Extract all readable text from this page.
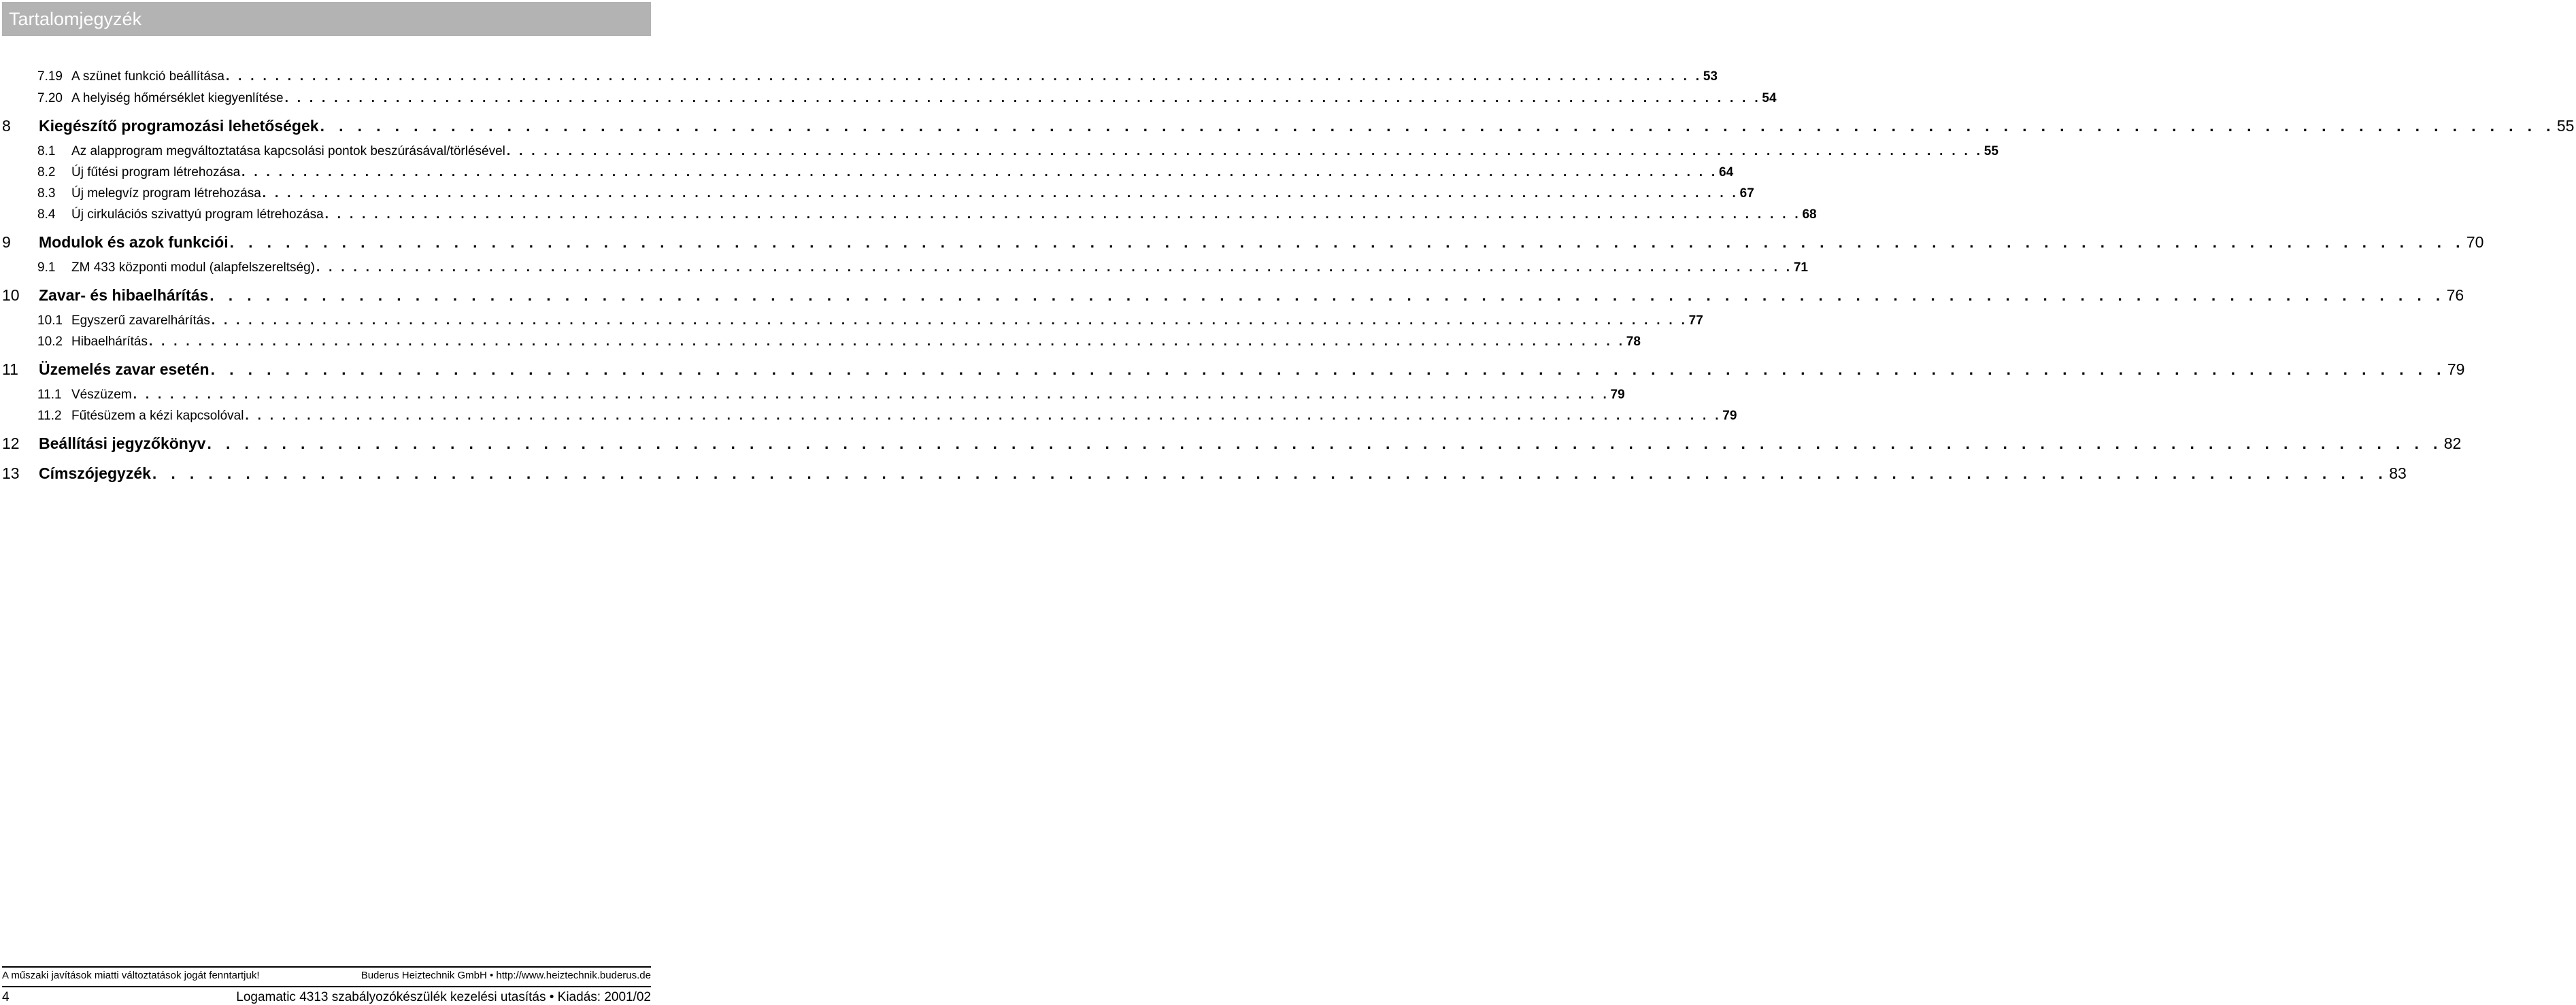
Tartalomjegyzék
7.19 A szünet funkció beállítása . . . . . . . . . . . . . . . . . . . . . . . . . . . . . . . . . . . . . . . . . . . . . . . . . . . . . . . . . . . . . . . . . . . . . . . . . . . . . . . . . . . . . . . . . . . . . . . . . . . . . . . . . . . . . . . . . . . . . . . . 53
7.20 A helyiség hőmérséklet kiegyenlítése . . . . . . . . . . . . . . . . . . . . . . . . . . . . . . . . . . . . . . . . . . . . . . . . . . . . . . . . . . . . . . . . . . . . . . . . . . . . . . . . . . . . . . . . . . . . . . . . . . . . . . . . . . . . . . . . . . . . . . . . 54
8	Kiegészítő programozási lehetőségek . . . . . . . . . . . . . . . . . . . . . . . . . . . . . . . . . . . . . . . . . . . . . . . . . . . . . . . . . . . . . . . . . . . . . . . . . . . . . . . . . . . . . . . . . . . . . . . . . . . . . . . . . . . . . . . . . . . . . . . . 55
8.1	Az alapprogram megváltoztatása kapcsolási pontok beszúrásával/törlésével . . . . . . . . . . . . . . . . . . . . . . . . . . . . . . . . . . . . . . . . . . . . . . . . . . . . . . . . . . . . . . . . . . . . . . . . . . . . . . . . . . . . . . . . . . . . . . . . . . . . . . . . . . . . . . . . . . . . . . . . 55
8.2	Új fűtési program létrehozása . . . . . . . . . . . . . . . . . . . . . . . . . . . . . . . . . . . . . . . . . . . . . . . . . . . . . . . . . . . . . . . . . . . . . . . . . . . . . . . . . . . . . . . . . . . . . . . . . . . . . . . . . . . . . . . . . . . . . . . . 64
8.3	Új melegvíz program létrehozása . . . . . . . . . . . . . . . . . . . . . . . . . . . . . . . . . . . . . . . . . . . . . . . . . . . . . . . . . . . . . . . . . . . . . . . . . . . . . . . . . . . . . . . . . . . . . . . . . . . . . . . . . . . . . . . . . . . . . . . . 67
8.4	Új cirkulációs szivattyú program létrehozása . . . . . . . . . . . . . . . . . . . . . . . . . . . . . . . . . . . . . . . . . . . . . . . . . . . . . . . . . . . . . . . . . . . . . . . . . . . . . . . . . . . . . . . . . . . . . . . . . . . . . . . . . . . . . . . . . . . . . . . . 68
9	Modulok és azok funkciói . . . . . . . . . . . . . . . . . . . . . . . . . . . . . . . . . . . . . . . . . . . . . . . . . . . . . . . . . . . . . . . . . . . . . . . . . . . . . . . . . . . . . . . . . . . . . . . . . . . . . . . . . . . . . . . . . . . . . . . . 70
9.1	ZM 433 központi modul (alapfelszereltség) . . . . . . . . . . . . . . . . . . . . . . . . . . . . . . . . . . . . . . . . . . . . . . . . . . . . . . . . . . . . . . . . . . . . . . . . . . . . . . . . . . . . . . . . . . . . . . . . . . . . . . . . . . . . . . . . . . . . . . . . 71
10	Zavar- és hibaelhárítás . . . . . . . . . . . . . . . . . . . . . . . . . . . . . . . . . . . . . . . . . . . . . . . . . . . . . . . . . . . . . . . . . . . . . . . . . . . . . . . . . . . . . . . . . . . . . . . . . . . . . . . . . . . . . . . . . . . . . . . . 76
10.1 Egyszerű zavarelhárítás . . . . . . . . . . . . . . . . . . . . . . . . . . . . . . . . . . . . . . . . . . . . . . . . . . . . . . . . . . . . . . . . . . . . . . . . . . . . . . . . . . . . . . . . . . . . . . . . . . . . . . . . . . . . . . . . . . . . . . . . 77
10.2 Hibaelhárítás . . . . . . . . . . . . . . . . . . . . . . . . . . . . . . . . . . . . . . . . . . . . . . . . . . . . . . . . . . . . . . . . . . . . . . . . . . . . . . . . . . . . . . . . . . . . . . . . . . . . . . . . . . . . . . . . . . . . . . . . 78
11	Üzemelés zavar esetén . . . . . . . . . . . . . . . . . . . . . . . . . . . . . . . . . . . . . . . . . . . . . . . . . . . . . . . . . . . . . . . . . . . . . . . . . . . . . . . . . . . . . . . . . . . . . . . . . . . . . . . . . . . . . . . . . . . . . . . . 79
11.1 Vészüzem . . . . . . . . . . . . . . . . . . . . . . . . . . . . . . . . . . . . . . . . . . . . . . . . . . . . . . . . . . . . . . . . . . . . . . . . . . . . . . . . . . . . . . . . . . . . . . . . . . . . . . . . . . . . . . . . . . . . . . . . 79
11.2 Fűtésüzem a kézi kapcsolóval . . . . . . . . . . . . . . . . . . . . . . . . . . . . . . . . . . . . . . . . . . . . . . . . . . . . . . . . . . . . . . . . . . . . . . . . . . . . . . . . . . . . . . . . . . . . . . . . . . . . . . . . . . . . . . . . . . . . . . . . 79
12	Beállítási jegyzőkönyv . . . . . . . . . . . . . . . . . . . . . . . . . . . . . . . . . . . . . . . . . . . . . . . . . . . . . . . . . . . . . . . . . . . . . . . . . . . . . . . . . . . . . . . . . . . . . . . . . . . . . . . . . . . . . . . . . . . . . . . . 82
13	Címszójegyzék . . . . . . . . . . . . . . . . . . . . . . . . . . . . . . . . . . . . . . . . . . . . . . . . . . . . . . . . . . . . . . . . . . . . . . . . . . . . . . . . . . . . . . . . . . . . . . . . . . . . . . . . . . . . . . . . . . . . . . . . 83
A műszaki javítások miatti változtatások jogát fenntartjuk!	Buderus Heiztechnik GmbH • http://www.heiztechnik.buderus.de
4	Logamatic 4313 szabályozókészülék kezelési utasítás • Kiadás: 2001/02
